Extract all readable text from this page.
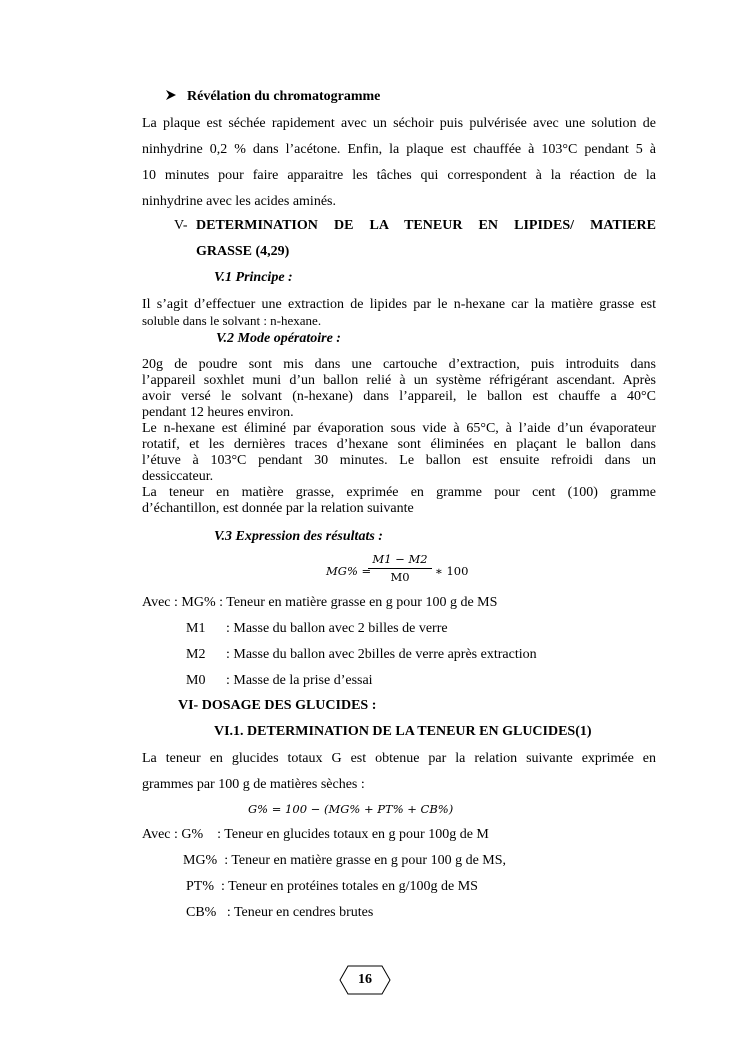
Révélation du chromatogramme
La plaque est séchée rapidement avec un séchoir puis pulvérisée avec une solution de
ninhydrine 0,2 % dans l’acétone. Enfin, la plaque est chauffée à 103°C pendant 5 à
10 minutes pour faire apparaitre les tâches qui correspondent à la réaction de la
ninhydrine avec les acides aminés.
V- DETERMINATION DE LA TENEUR EN LIPIDES/ MATIERE
GRASSE (4,29)
V.1 Principe :
Il s’agit d’effectuer une extraction de lipides par le n-hexane car la matière grasse est
soluble dans le solvant : n-hexane.
V.2 Mode opératoire :
20g de poudre sont mis dans une cartouche d’extraction, puis introduits dans
l’appareil soxhlet muni d’un ballon relié à un système réfrigérant ascendant. Après
avoir versé le solvant (n-hexane) dans l’appareil, le ballon est chauffe a 40°C
pendant 12 heures environ.
Le n-hexane est éliminé par évaporation sous vide à 65°C, à l’aide d’un évaporateur
rotatif, et les dernières traces d’hexane sont éliminées en plaçant le ballon dans
l’étuve à 103°C pendant 30 minutes. Le ballon est ensuite refroidi dans un
dessiccateur.
La teneur en matière grasse, exprimée en gramme pour cent (100) gramme
d’échantillon, est donnée par la relation suivante
V.3 Expression des résultats :
MG% =
$\frac{M1 - M2}{M0}$ ∗ 100
Avec : MG% : Teneur en matière grasse en g pour 100 g de MS
M1 : Masse du ballon avec 2 billes de verre
M2 : Masse du ballon avec 2billes de verre après extraction
M0 : Masse de la prise d’essai
VI- DOSAGE DES GLUCIDES :
VI.1. DETERMINATION DE LA TENEUR EN GLUCIDES(1)
La teneur en glucides totaux G est obtenue par la relation suivante exprimée en
grammes par 100 g de matières sèches :
G% = 100 − (MG% + PT% + CB%)
Avec : G%    : Teneur en glucides totaux en g pour 100g de M
MG%  : Teneur en matière grasse en g pour 100 g de MS,
PT%  : Teneur en protéines totales en g/100g de MS
CB%   : Teneur en cendres brutes
16
